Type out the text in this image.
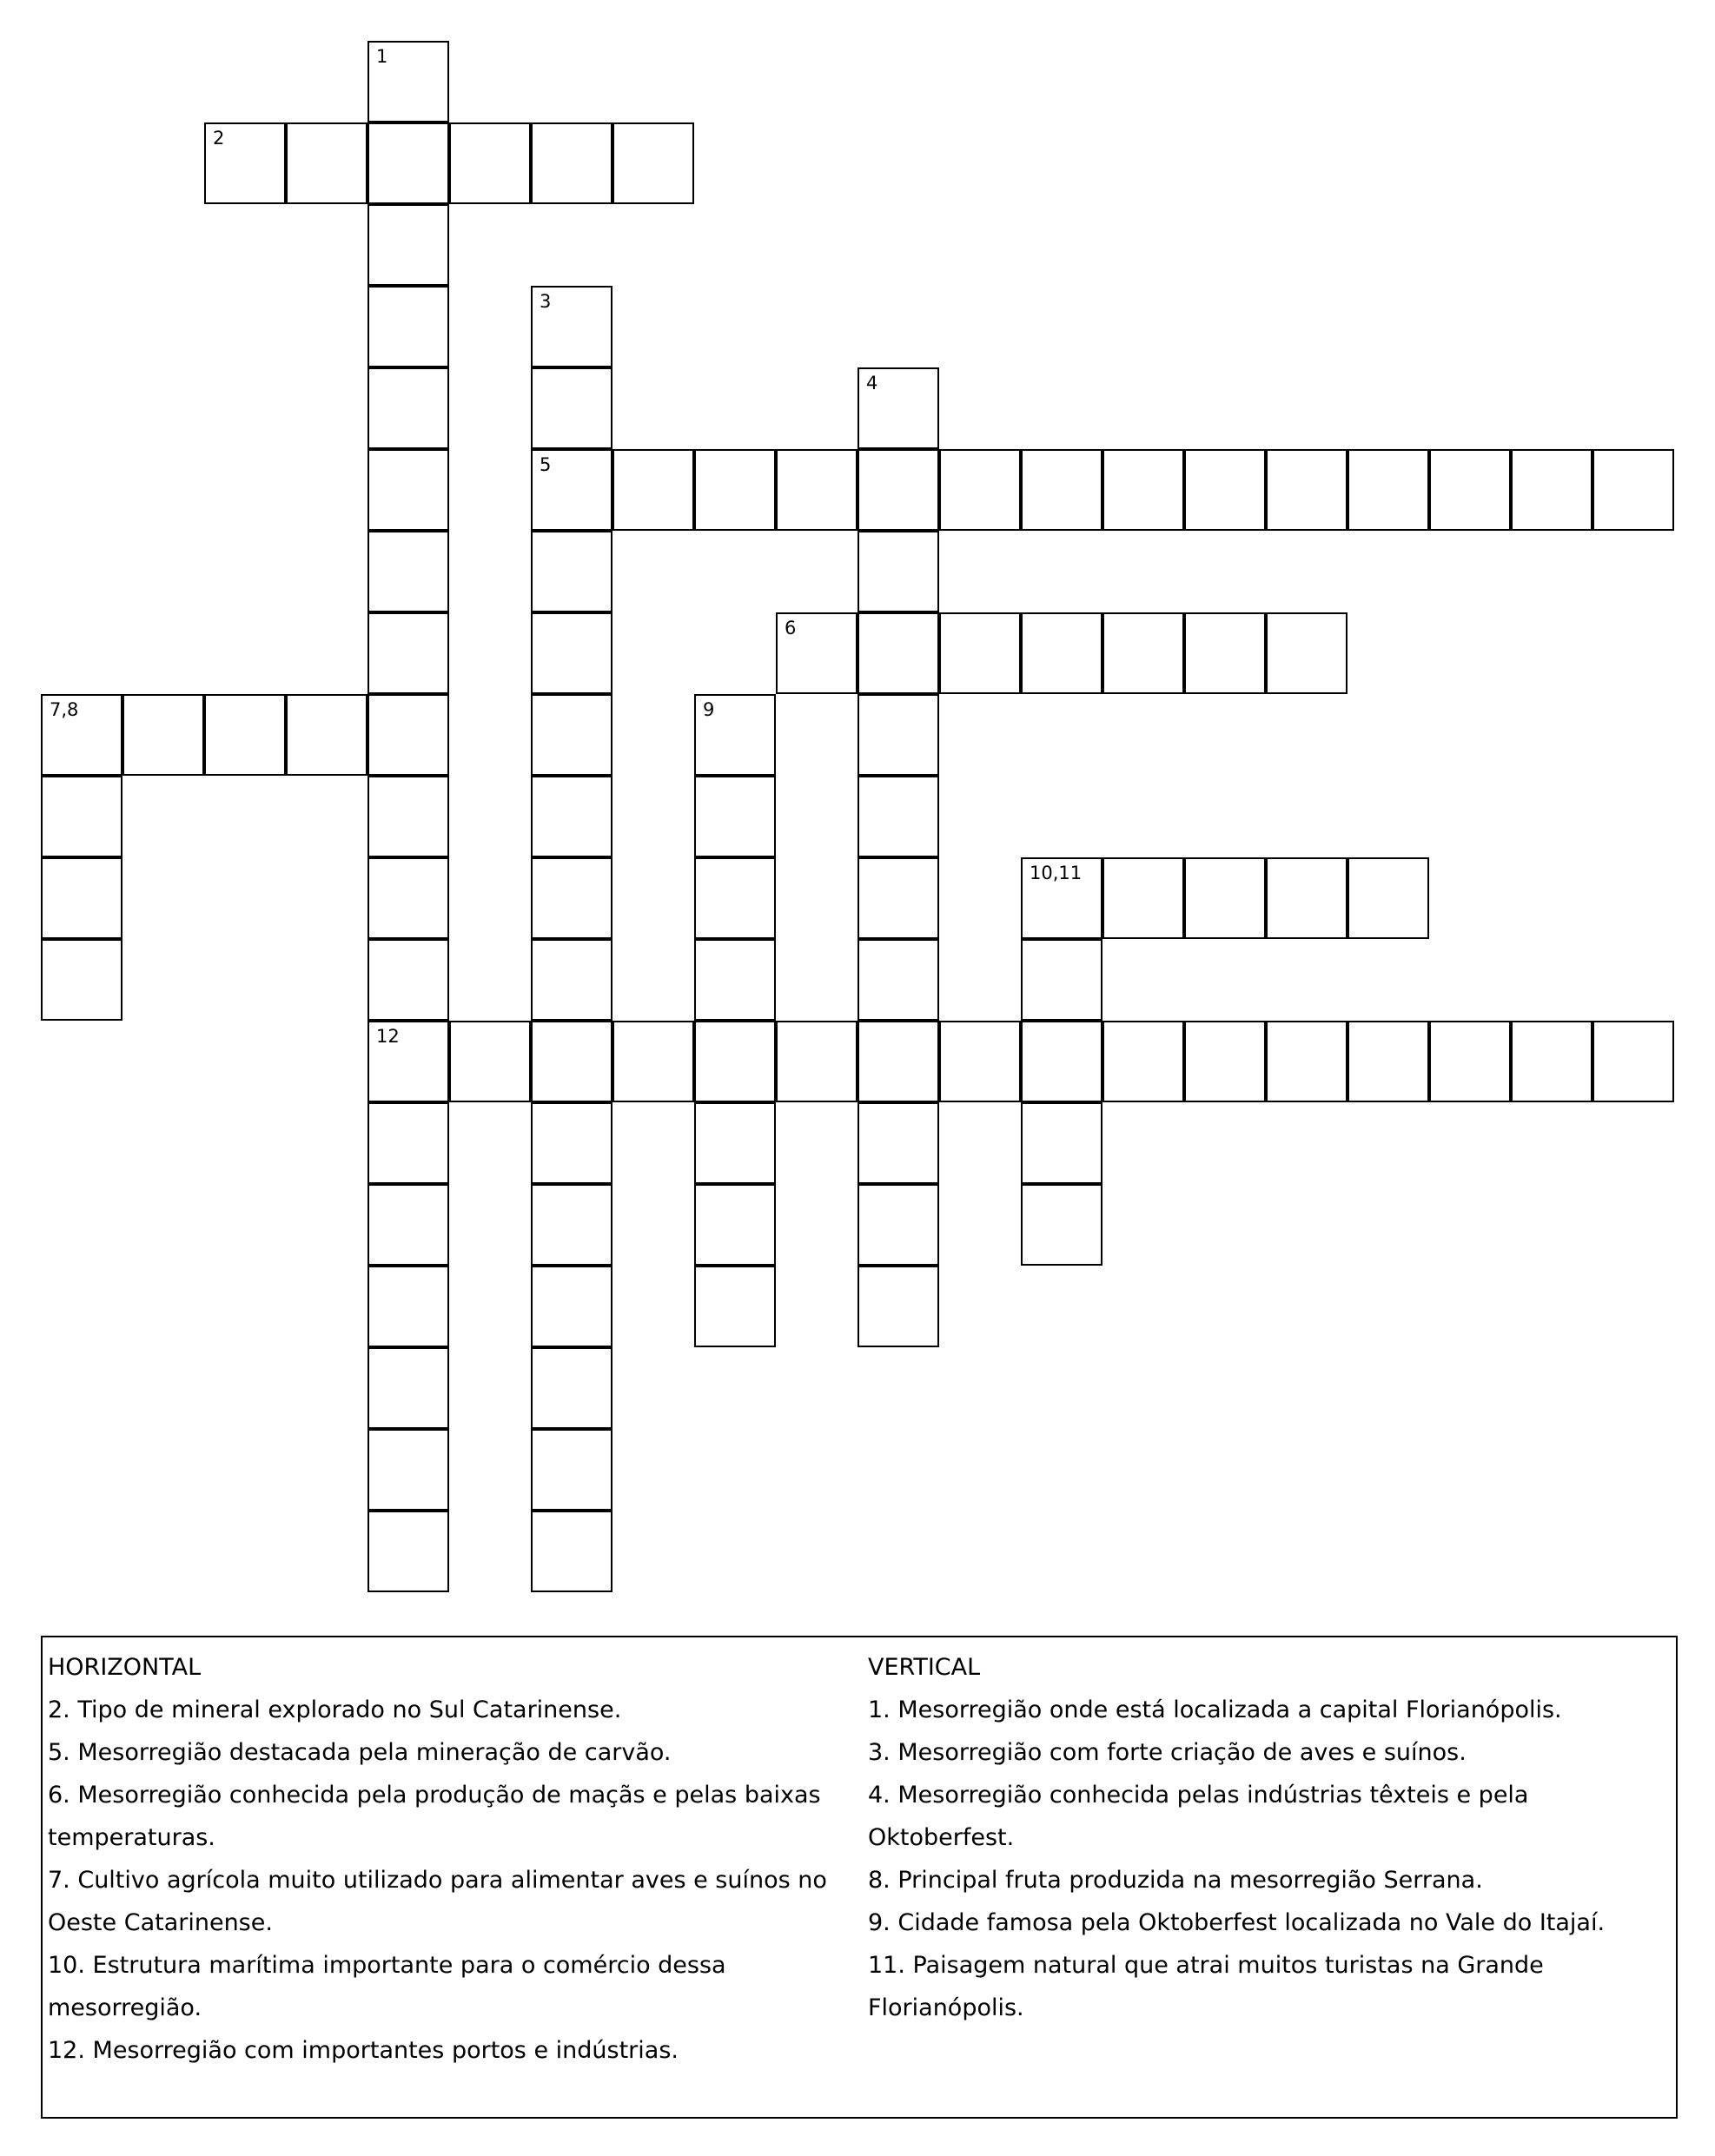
1
2
3
4
5
6
7,8	9
10,11
12
HORIZONTAL
2. Tipo de mineral explorado no Sul Catarinense.
5. Mesorregião destacada pela mineração de carvão.
6. Mesorregião conhecida pela produção de maçãs e pelas baixas
temperaturas.
7. Cultivo agrícola muito utilizado para alimentar aves e suínos no
Oeste Catarinense.
10. Estrutura marítima importante para o comércio dessa
mesorregião.
12. Mesorregião com importantes portos e indústrias.
VERTICAL
1. Mesorregião onde está localizada a capital Florianópolis.
3. Mesorregião com forte criação de aves e suínos.
4. Mesorregião conhecida pelas indústrias têxteis e pela
Oktoberfest.
8. Principal fruta produzida na mesorregião Serrana.
9. Cidade famosa pela Oktoberfest localizada no Vale do Itajaí.
11. Paisagem natural que atrai muitos turistas na Grande
Florianópolis.
